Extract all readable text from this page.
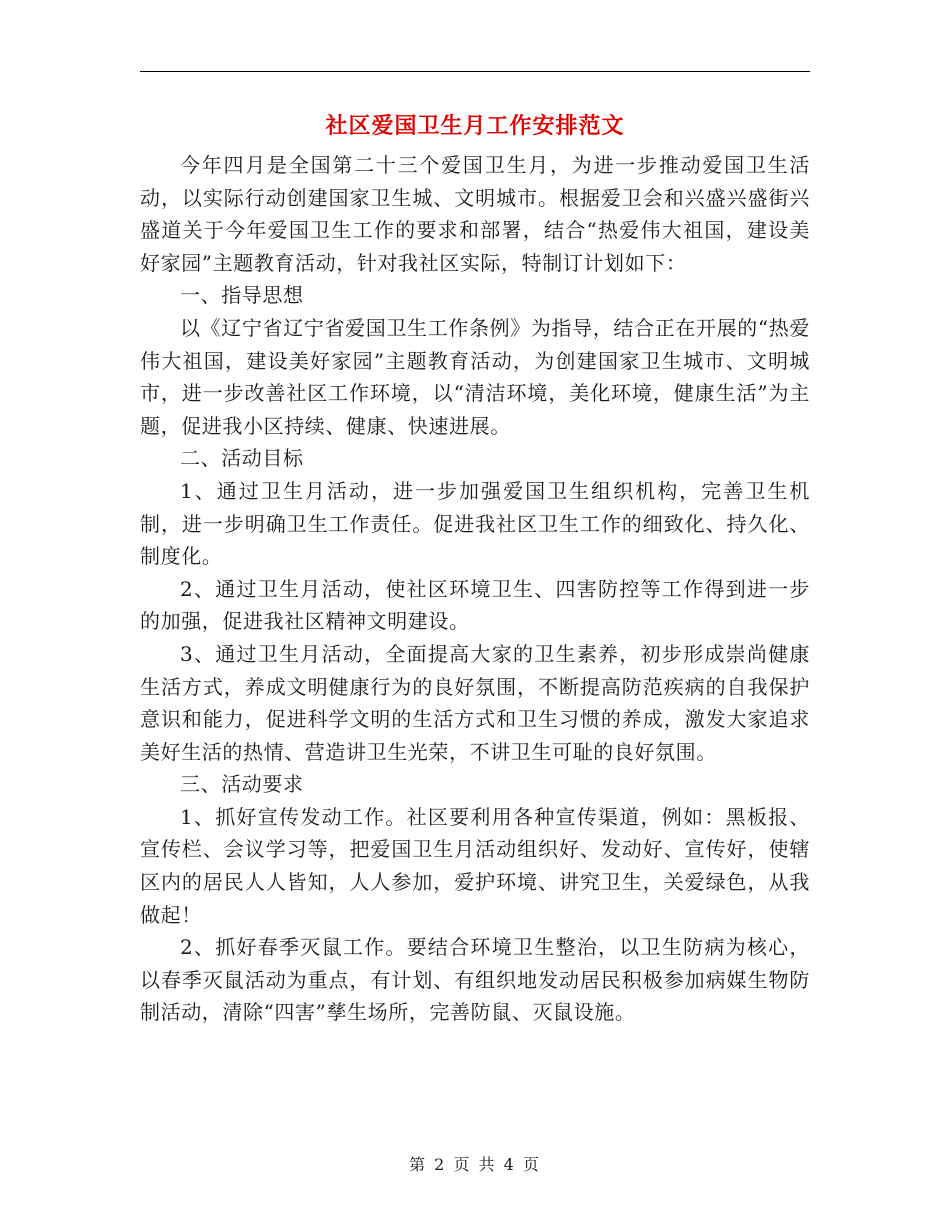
社区爱国卫生月工作安排范文

今年四月是全国第二十三个爱国卫生月，为进一步推动爱国卫生活动，以实际行动创建国家卫生城、文明城市。根据爱卫会和兴盛兴盛街兴盛道关于今年爱国卫生工作的要求和部署，结合“热爱伟大祖国，建设美好家园”主题教育活动，针对我社区实际，特制订计划如下：

一、指导思想

以《辽宁省辽宁省爱国卫生工作条例》为指导，结合正在开展的“热爱伟大祖国，建设美好家园”主题教育活动，为创建国家卫生城市、文明城市，进一步改善社区工作环境，以“清洁环境，美化环境，健康生活”为主题，促进我小区持续、健康、快速进展。

二、活动目标

1、通过卫生月活动，进一步加强爱国卫生组织机构，完善卫生机制，进一步明确卫生工作责任。促进我社区卫生工作的细致化、持久化、制度化。

2、通过卫生月活动，使社区环境卫生、四害防控等工作得到进一步的加强，促进我社区精神文明建设。

3、通过卫生月活动，全面提高大家的卫生素养，初步形成崇尚健康生活方式，养成文明健康行为的良好氛围，不断提高防范疾病的自我保护意识和能力，促进科学文明的生活方式和卫生习惯的养成，激发大家追求美好生活的热情、营造讲卫生光荣，不讲卫生可耻的良好氛围。

三、活动要求

1、抓好宣传发动工作。社区要利用各种宣传渠道，例如：黑板报、宣传栏、会议学习等，把爱国卫生月活动组织好、发动好、宣传好，使辖区内的居民人人皆知，人人参加，爱护环境、讲究卫生，关爱绿色，从我做起！

2、抓好春季灭鼠工作。要结合环境卫生整治，以卫生防病为核心，以春季灭鼠活动为重点，有计划、有组织地发动居民积极参加病媒生物防制活动，清除“四害”孳生场所，完善防鼠、灭鼠设施。

第 2 页 共 4 页
